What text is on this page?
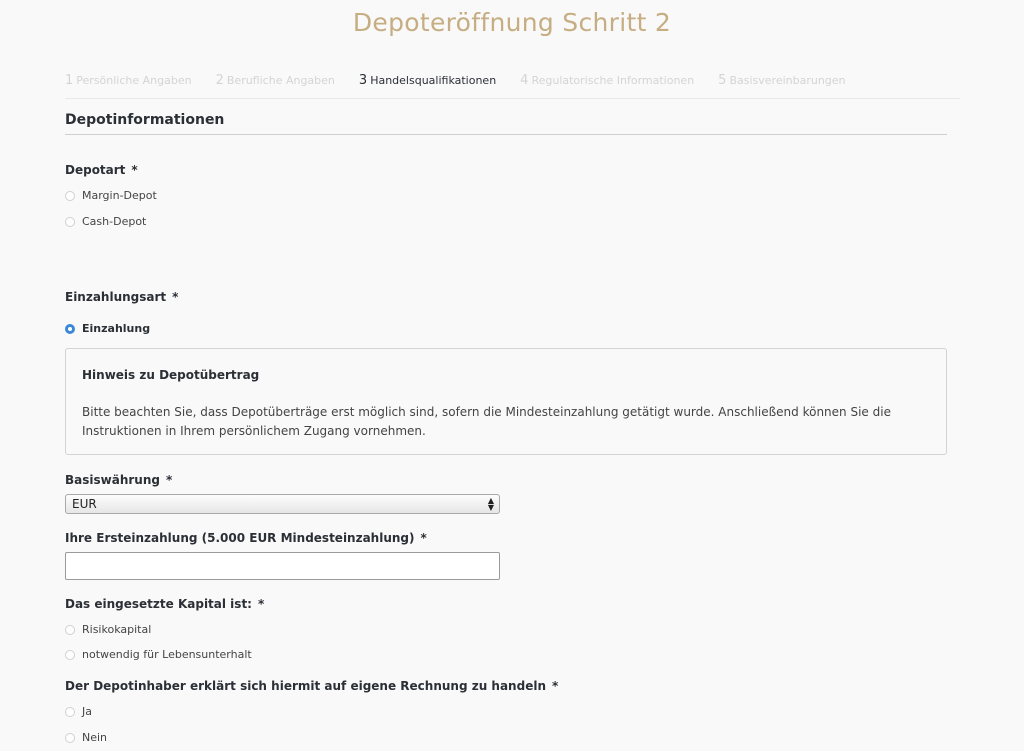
Depoteröffnung Schritt 2
1 Persönliche Angaben 2 Berufliche Angaben 3 Handelsqualifikationen 4 Regulatorische Informationen 5 Basisvereinbarungen
Depotinformationen
Depotart *
Margin-Depot
Cash-Depot
Einzahlungsart *
Einzahlung
Hinweis zu Depotübertrag
Bitte beachten Sie, dass Depotüberträge erst möglich sind, sofern die Mindesteinzahlung getätigt wurde. Anschließend können Sie die Instruktionen in Ihrem persönlichem Zugang vornehmen.
Basiswährung *
EUR	▲
▼
Ihre Ersteinzahlung (5.000 EUR Mindesteinzahlung) *
Das eingesetzte Kapital ist: *
Risikokapital
notwendig für Lebensunterhalt
Der Depotinhaber erklärt sich hiermit auf eigene Rechnung zu handeln *
Ja
Nein
